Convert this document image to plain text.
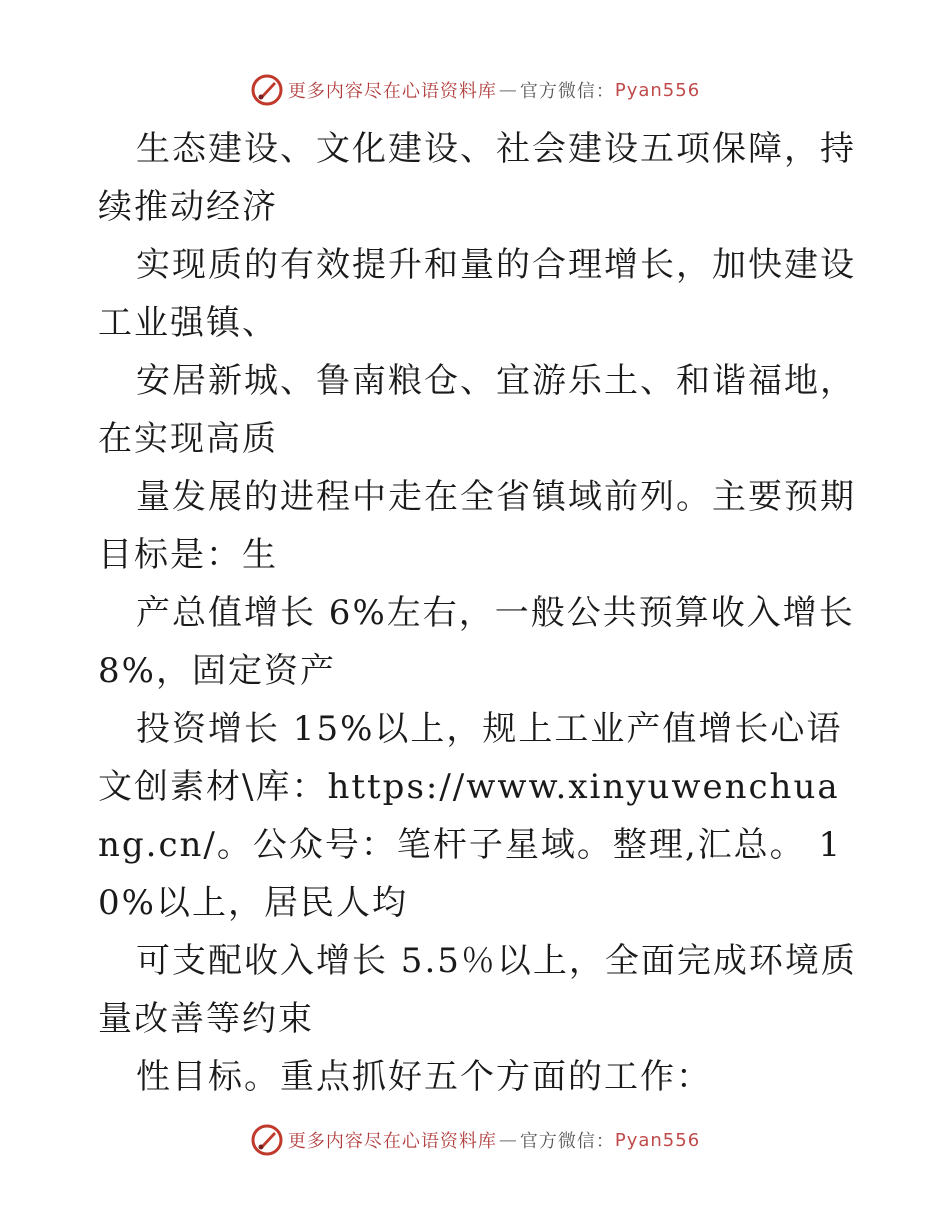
更多内容尽在心语资料库 — 官方微信： Pyan556

生态建设、文化建设、社会建设五项保障，持续推动经济

实现质的有效提升和量的合理增长，加快建设工业强镇、

安居新城、鲁南粮仓、宜游乐土、和谐福地，在实现高质

量发展的进程中走在全省镇域前列。主要预期目标是：生

产总值增长 6%左右，一般公共预算收入增长 8%，固定资产

投资增长 15%以上，规上工业产值增长心语文创素材\库：https://www.xinyuwenchuang.cn/。公众号：笔杆子星域。整理,汇总。 10%以上，居民人均

可支配收入增长 5.5％以上，全面完成环境质量改善等约束

性目标。重点抓好五个方面的工作：

更多内容尽在心语资料库 — 官方微信： Pyan556
